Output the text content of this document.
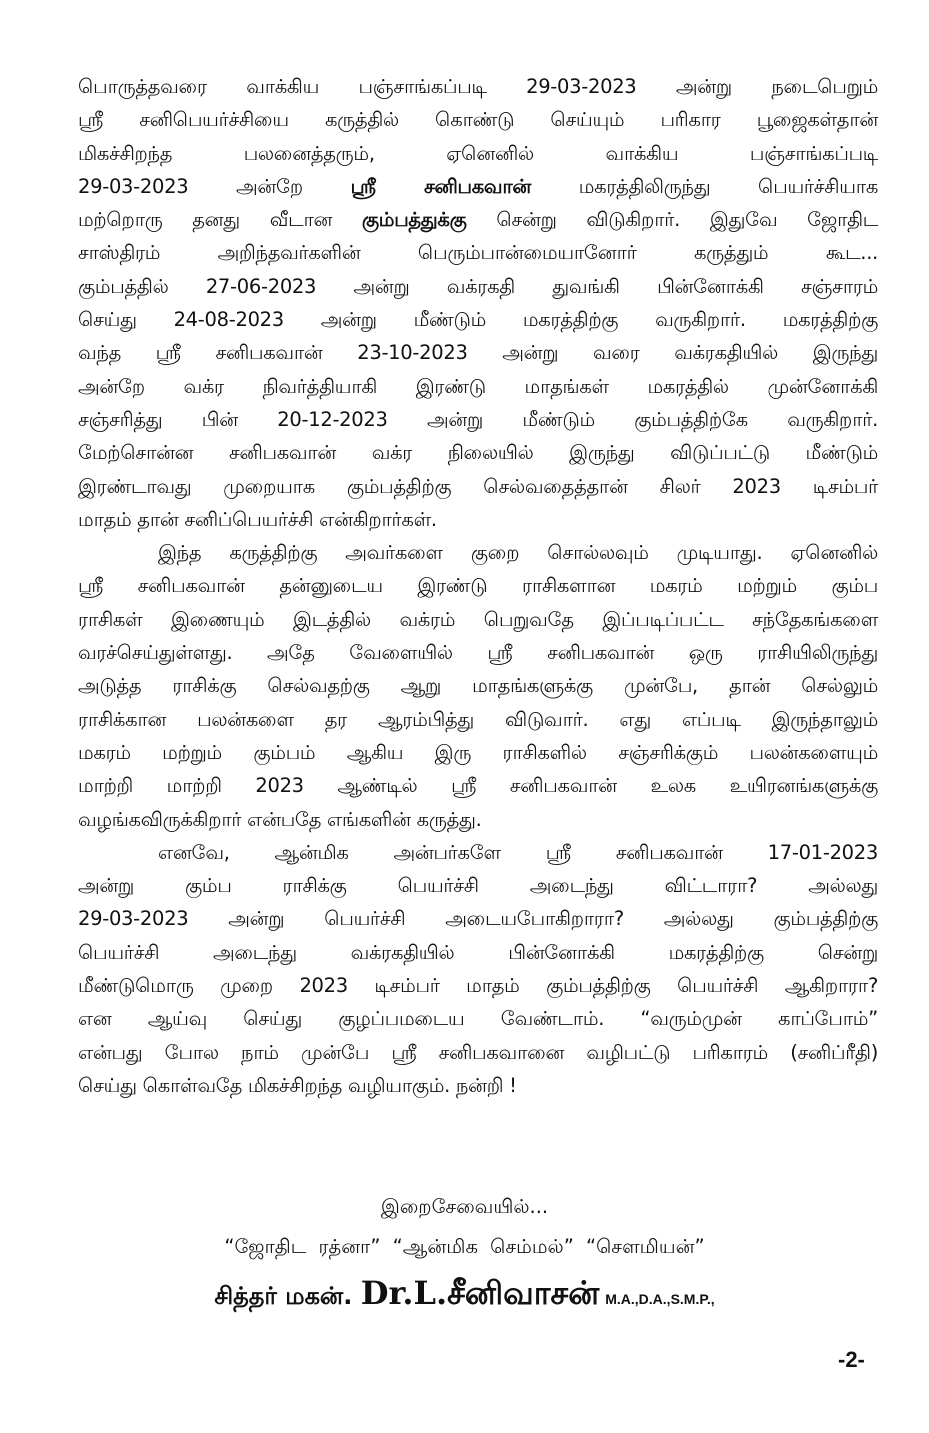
பொருத்தவரை வாக்கிய பஞ்சாங்கப்படி 29-03-2023 அன்று நடைபெறும்
ஸ்ரீ சனிபெயர்ச்சியை கருத்தில் கொண்டு செய்யும் பரிகார பூஜைகள்தான்
மிகச்சிறந்த பலனைத்தரும், ஏனெனில் வாக்கிய பஞ்சாங்கப்படி
29-03-2023 அன்றே ஸ்ரீ சனிபகவான் மகரத்திலிருந்து பெயர்ச்சியாக
மற்றொரு தனது வீடான கும்பத்துக்கு சென்று விடுகிறார். இதுவே ஜோதிட
சாஸ்திரம் அறிந்தவர்களின் பெரும்பான்மையானோர் கருத்தும் கூட...
கும்பத்தில் 27-06-2023 அன்று வக்ரகதி துவங்கி பின்னோக்கி சஞ்சாரம்
செய்து 24-08-2023 அன்று மீண்டும் மகரத்திற்கு வருகிறார். மகரத்திற்கு
வந்த ஸ்ரீ சனிபகவான் 23-10-2023 அன்று வரை வக்ரகதியில் இருந்து
அன்றே வக்ர நிவர்த்தியாகி இரண்டு மாதங்கள் மகரத்தில் முன்னோக்கி
சஞ்சரித்து பின் 20-12-2023 அன்று மீண்டும் கும்பத்திற்கே வருகிறார்.
மேற்சொன்ன சனிபகவான் வக்ர நிலையில் இருந்து விடுப்பட்டு மீண்டும்
இரண்டாவது முறையாக கும்பத்திற்கு செல்வதைத்தான் சிலர் 2023 டிசம்பர்
மாதம் தான் சனிப்பெயர்ச்சி என்கிறார்கள்.
இந்த கருத்திற்கு அவர்களை குறை சொல்லவும் முடியாது. ஏனெனில்
ஸ்ரீ சனிபகவான் தன்னுடைய இரண்டு ராசிகளான மகரம் மற்றும் கும்ப
ராசிகள் இணையும் இடத்தில் வக்ரம் பெறுவதே இப்படிப்பட்ட சந்தேகங்களை
வரச்செய்துள்ளது. அதே வேளையில் ஸ்ரீ சனிபகவான் ஒரு ராசியிலிருந்து
அடுத்த ராசிக்கு செல்வதற்கு ஆறு மாதங்களுக்கு முன்பே, தான் செல்லும்
ராசிக்கான பலன்களை தர ஆரம்பித்து விடுவார். எது எப்படி இருந்தாலும்
மகரம் மற்றும் கும்பம் ஆகிய இரு ராசிகளில் சஞ்சரிக்கும் பலன்களையும்
மாற்றி மாற்றி 2023 ஆண்டில் ஸ்ரீ சனிபகவான் உலக உயிரனங்களுக்கு
வழங்கவிருக்கிறார் என்பதே எங்களின் கருத்து.
எனவே, ஆன்மிக அன்பர்களே ஸ்ரீ சனிபகவான் 17-01-2023
அன்று கும்ப ராசிக்கு பெயர்ச்சி அடைந்து விட்டாரா? அல்லது
29-03-2023 அன்று பெயர்ச்சி அடையபோகிறாரா? அல்லது கும்பத்திற்கு
பெயர்ச்சி அடைந்து வக்ரகதியில் பின்னோக்கி மகரத்திற்கு சென்று
மீண்டுமொரு முறை 2023 டிசம்பர் மாதம் கும்பத்திற்கு பெயர்ச்சி ஆகிறாரா?
என ஆய்வு செய்து குழப்பமடைய வேண்டாம். “வரும்முன் காப்போம்”
என்பது போல நாம் முன்பே ஸ்ரீ சனிபகவானை வழிபட்டு பரிகாரம் (சனிப்ரீதி)
செய்து கொள்வதே மிகச்சிறந்த வழியாகும். நன்றி !
இறைசேவையில்...
“ஜோதிட ரத்னா” “ஆன்மிக செம்மல்” “சௌமியன்”
சித்தர் மகன். Dr.L.சீனிவாசன் M.A.,D.A.,S.M.P.,
-2-
